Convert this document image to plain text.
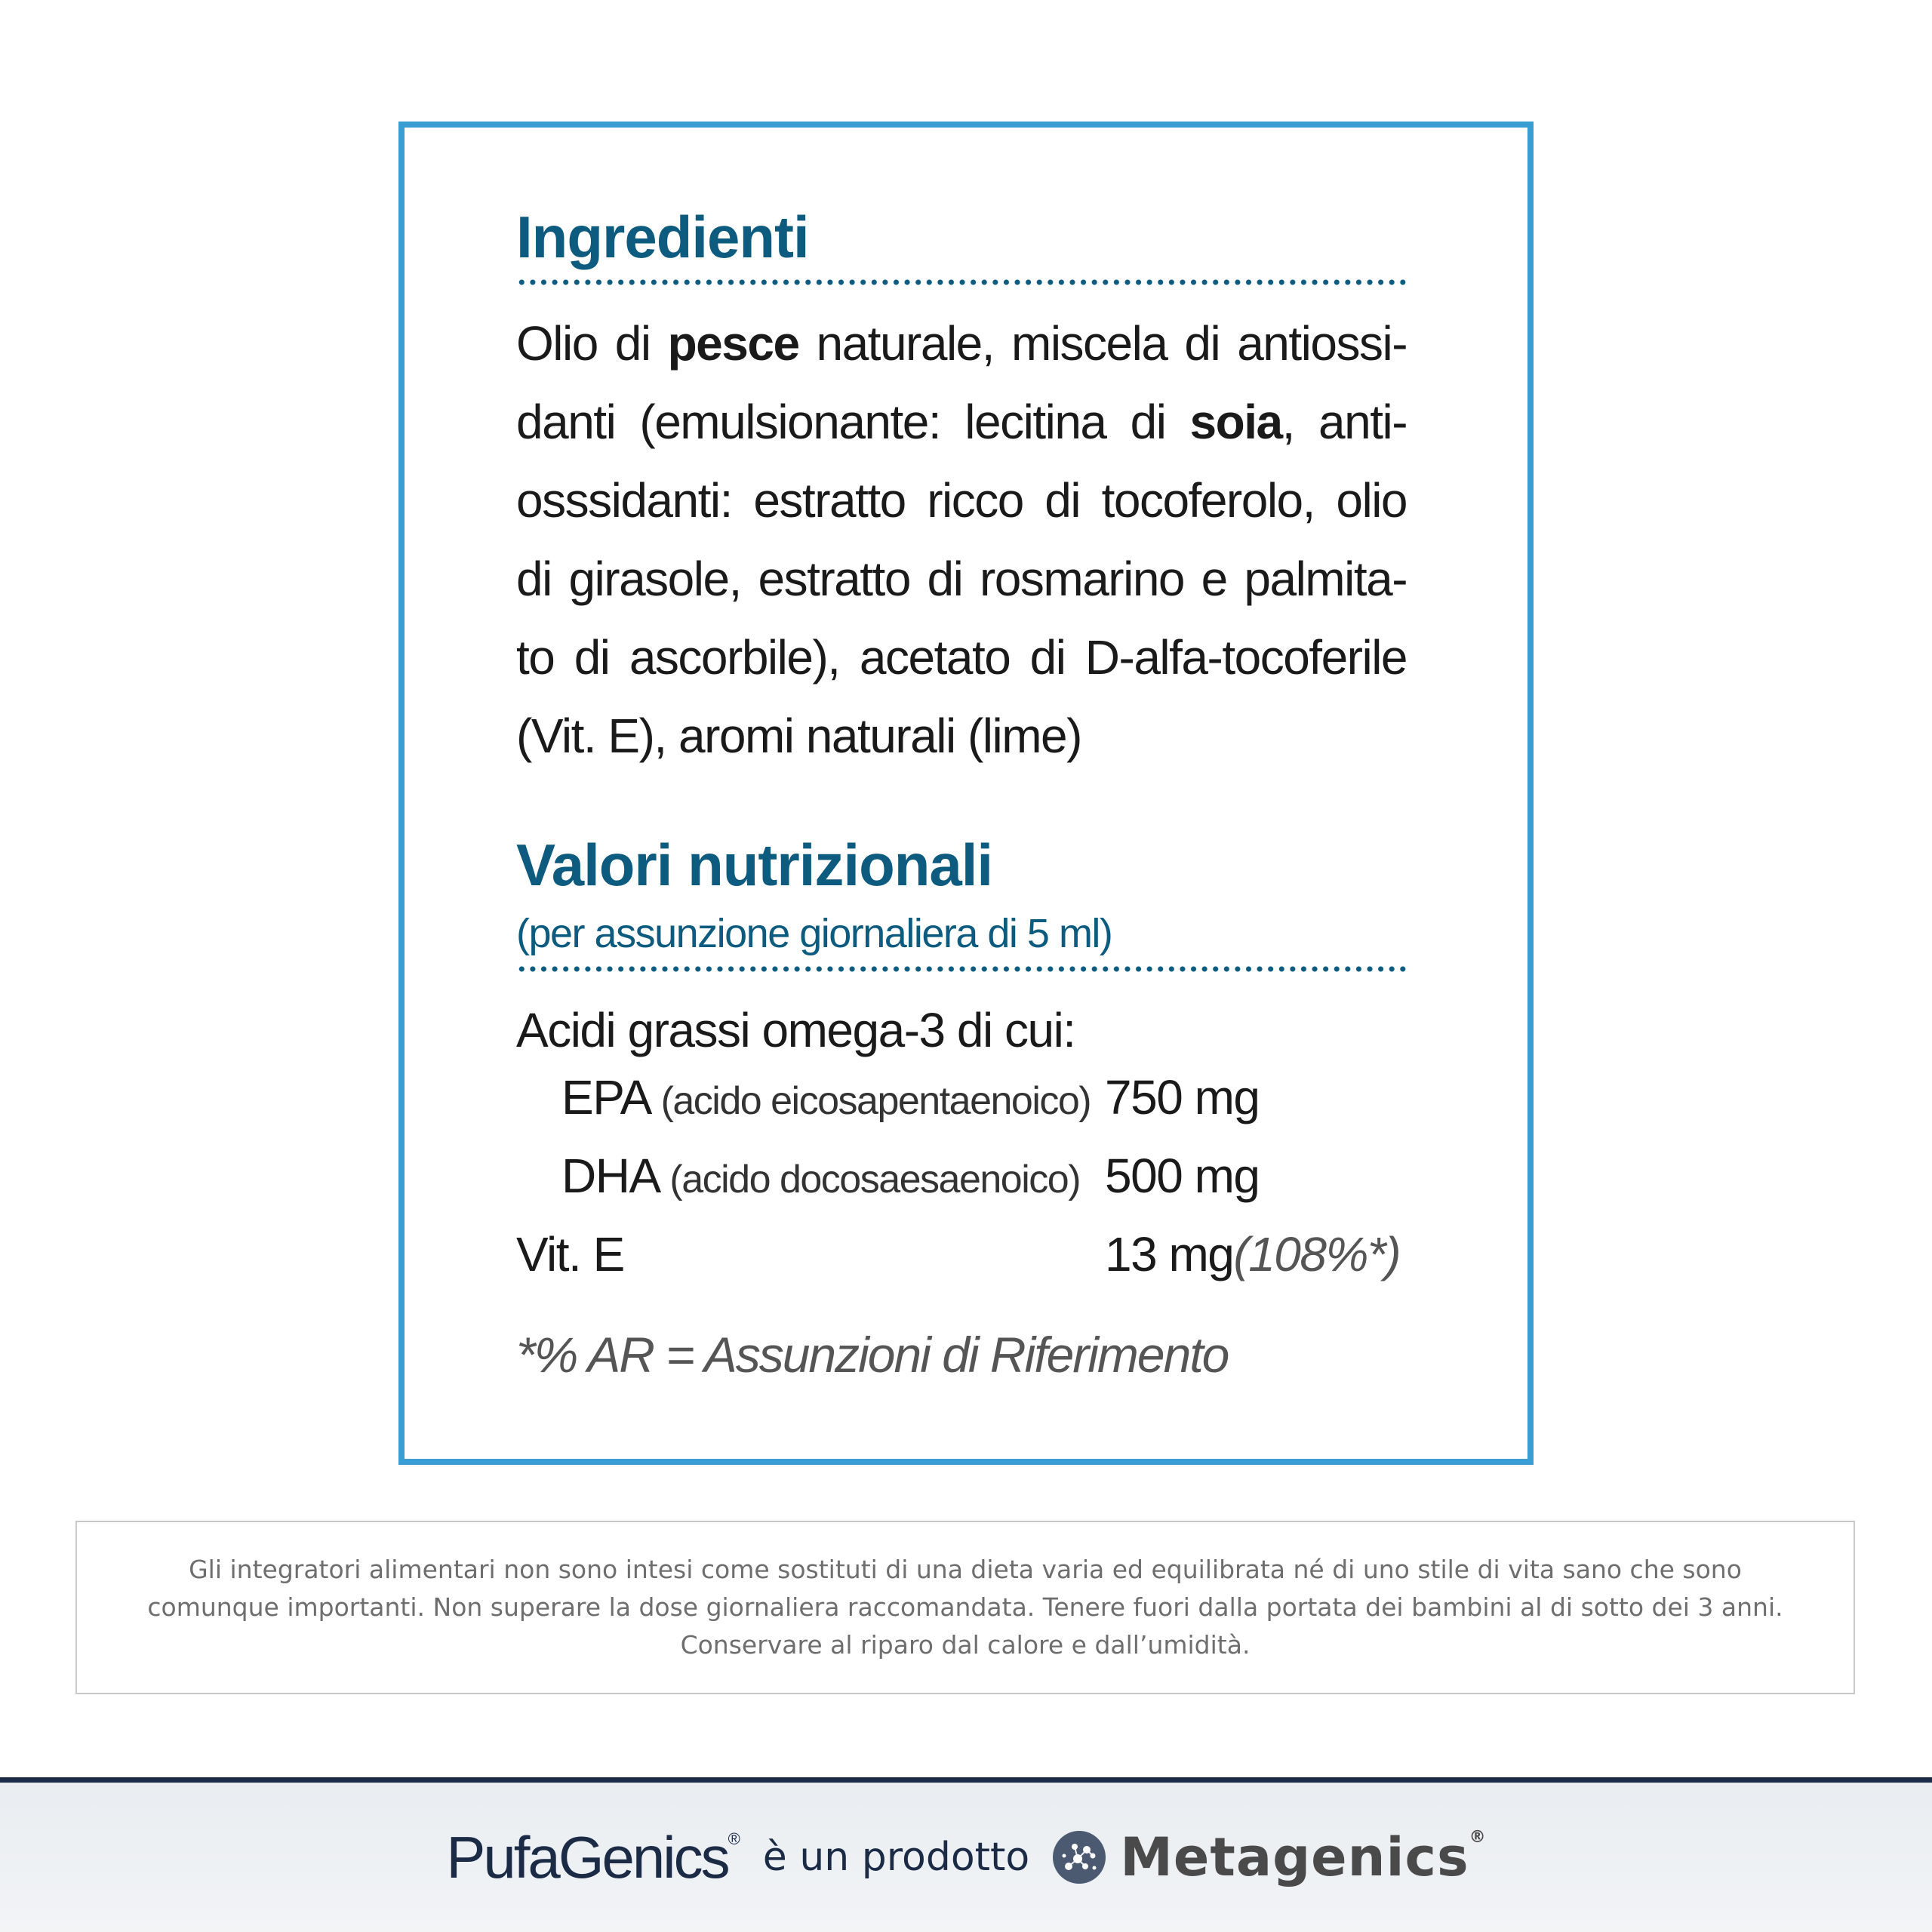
Ingredienti
Olio di pesce naturale, miscela di antiossi-
danti (emulsionante: lecitina di soia, anti-
osssidanti: estratto ricco di tocoferolo, olio
di girasole, estratto di rosmarino e palmita-
to di ascorbile), acetato di D-alfa-tocoferile
(Vit. E), aromi naturali (lime)
Valori nutrizionali
(per assunzione giornaliera di 5 ml)
Acidi grassi omega-3 di cui:
EPA (acido eicosapentaenoico) 750 mg
DHA (acido docosaesaenoico) 500 mg
Vit. E	13 mg(108%*)
*% AR = Assunzioni di Riferimento

Gli integratori alimentari non sono intesi come sostituti di una dieta varia ed equilibrata né di uno stile di vita sano che sono comunque importanti. Non superare la dose giornaliera raccomandata. Tenere fuori dalla portata dei bambini al di sotto dei 3 anni. Conservare al riparo dal calore e dall’umidità.

PufaGenics® è un prodotto Metagenics®
